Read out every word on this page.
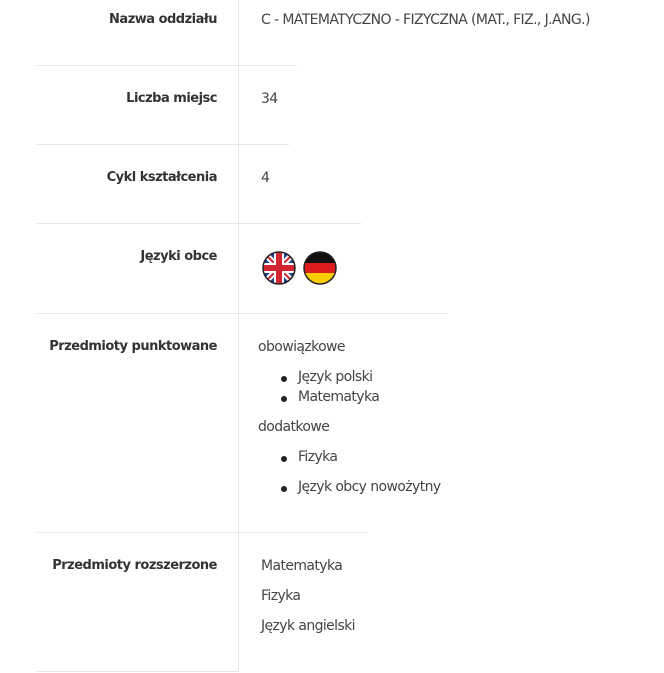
Nazwa oddziału	C - MATEMATYCZNO - FIZYCZNA (MAT., FIZ., J.ANG.)
Liczba miejsc	34
Cykl kształcenia	4
Języki obce
Przedmioty punktowane	obowiązkowe
Język polski
Matematyka
dodatkowe
Fizyka
Język obcy nowożytny
Przedmioty rozszerzone	Matematyka
Fizyka
Język angielski
